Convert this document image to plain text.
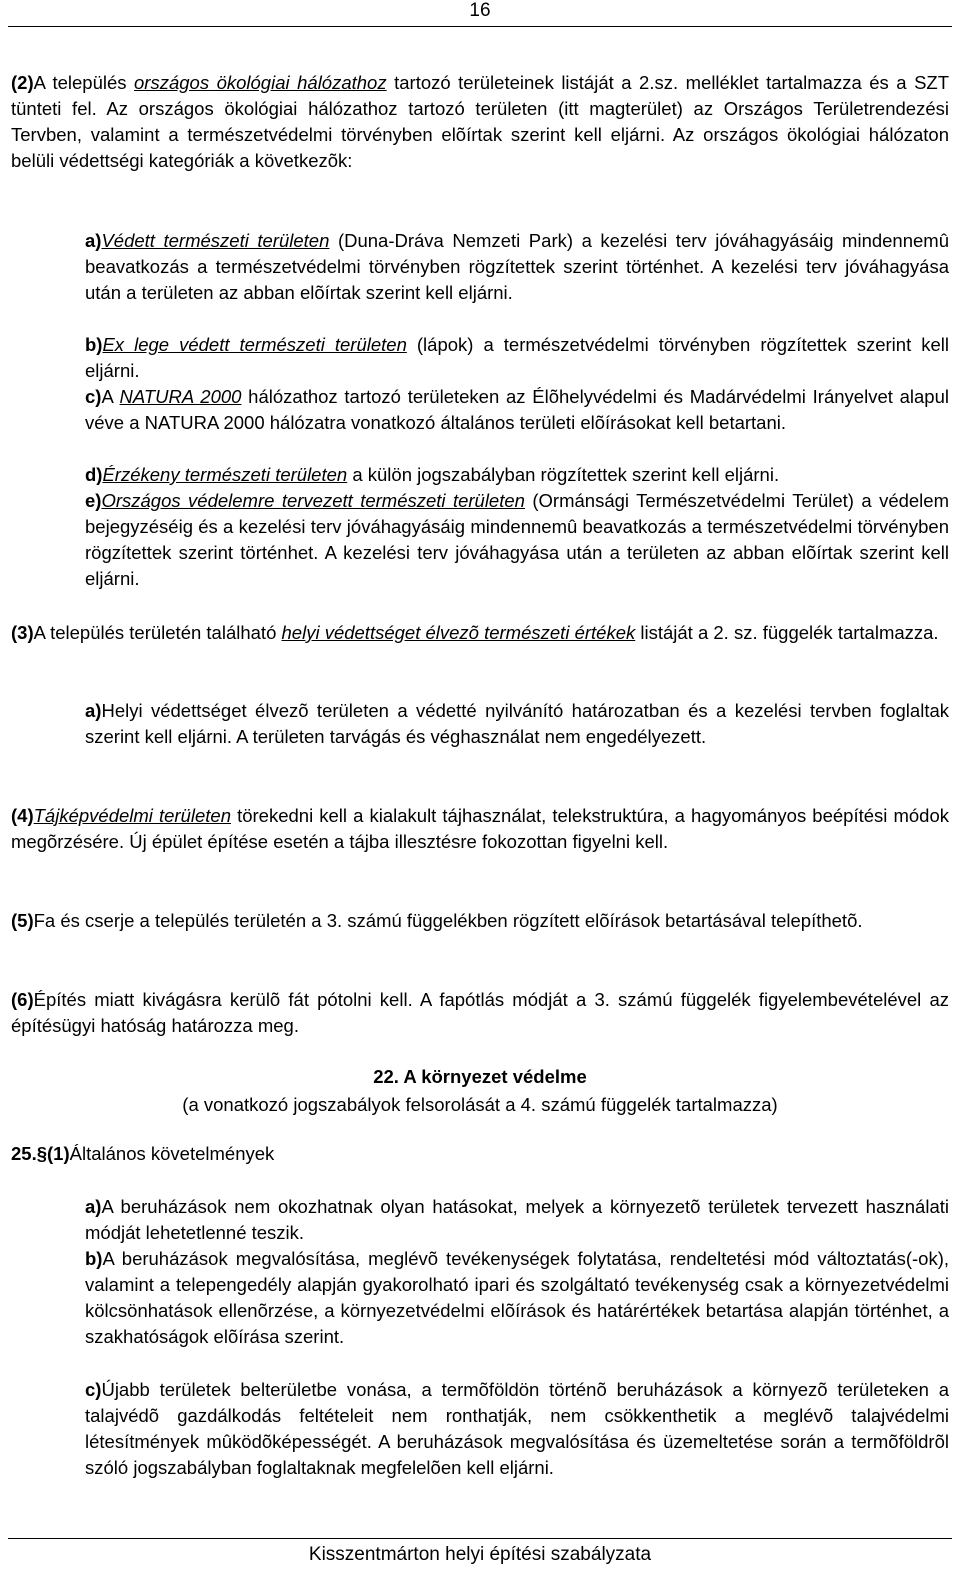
16
(2)A település országos ökológiai hálózathoz tartozó területeinek listáját a 2.sz. melléklet tartalmazza és a SZT tünteti fel. Az országos ökológiai hálózathoz tartozó területen (itt magterület) az Országos Területrendezési Tervben, valamint a természetvédelmi törvényben elõírtak szerint kell eljárni. Az országos ökológiai hálózaton belüli védettségi kategóriák a következõk:
a)Védett természeti területen (Duna-Dráva Nemzeti Park) a kezelési terv jóváhagyásáig mindennemû beavatkozás a természetvédelmi törvényben rögzítettek szerint történhet. A kezelési terv jóváhagyása után a területen az abban elõírtak szerint kell eljárni.
b)Ex lege védett természeti területen (lápok) a természetvédelmi törvényben rögzítettek szerint kell eljárni.
c)A NATURA 2000 hálózathoz tartozó területeken az Élõhelyvédelmi és Madárvédelmi Irányelvet alapul véve a NATURA 2000 hálózatra vonatkozó általános területi elõírásokat kell betartani.
d)Érzékeny természeti területen a külön jogszabályban rögzítettek szerint kell eljárni.
e)Országos védelemre tervezett természeti területen (Ormánsági Természetvédelmi Terület) a védelem bejegyzéséig és a kezelési terv jóváhagyásáig mindennemû beavatkozás a természetvédelmi törvényben rögzítettek szerint történhet. A kezelési terv jóváhagyása után a területen az abban elõírtak szerint kell eljárni.
(3)A település területén található helyi védettséget élvezõ természeti értékek listáját a 2. sz. függelék tartalmazza.
a)Helyi védettséget élvezõ területen a védetté nyilvánító határozatban és a kezelési tervben foglaltak szerint kell eljárni. A területen tarvágás és véghasználat nem engedélyezett.
(4)Tájképvédelmi területen törekedni kell a kialakult tájhasználat, telekstruktúra, a hagyományos beépítési módok megõrzésére. Új épület építése esetén a tájba illesztésre fokozottan figyelni kell.
(5)Fa és cserje a település területén a 3. számú függelékben rögzített elõírások betartásával telepíthetõ.
(6)Építés miatt kivágásra kerülõ fát pótolni kell. A fapótlás módját a 3. számú függelék figyelembevételével az építésügyi hatóság határozza meg.
22. A környezet védelme
(a vonatkozó jogszabályok felsorolását a 4. számú függelék tartalmazza)
25.§(1)Általános követelmények
a)A beruházások nem okozhatnak olyan hatásokat, melyek a környezetõ területek tervezett használati módját lehetetlenné teszik.
b)A beruházások megvalósítása, meglévõ tevékenységek folytatása, rendeltetési mód változtatás(-ok), valamint a telepengedély alapján gyakorolható ipari és szolgáltató tevékenység csak a környezetvédelmi kölcsönhatások ellenõrzése, a környezetvédelmi elõírások és határértékek betartása alapján történhet, a szakhatóságok elõírása szerint.
c)Újabb területek belterületbe vonása, a termõföldön történõ beruházások a környezõ területeken a talajvédõ gazdálkodás feltételeit nem ronthatják, nem csökkenthetik a meglévõ talajvédelmi létesítmények mûködõképességét. A beruházások megvalósítása és üzemeltetése során a termõföldrõl szóló jogszabályban foglaltaknak megfelelõen kell eljárni.
Kisszentmárton helyi építési szabályzata
